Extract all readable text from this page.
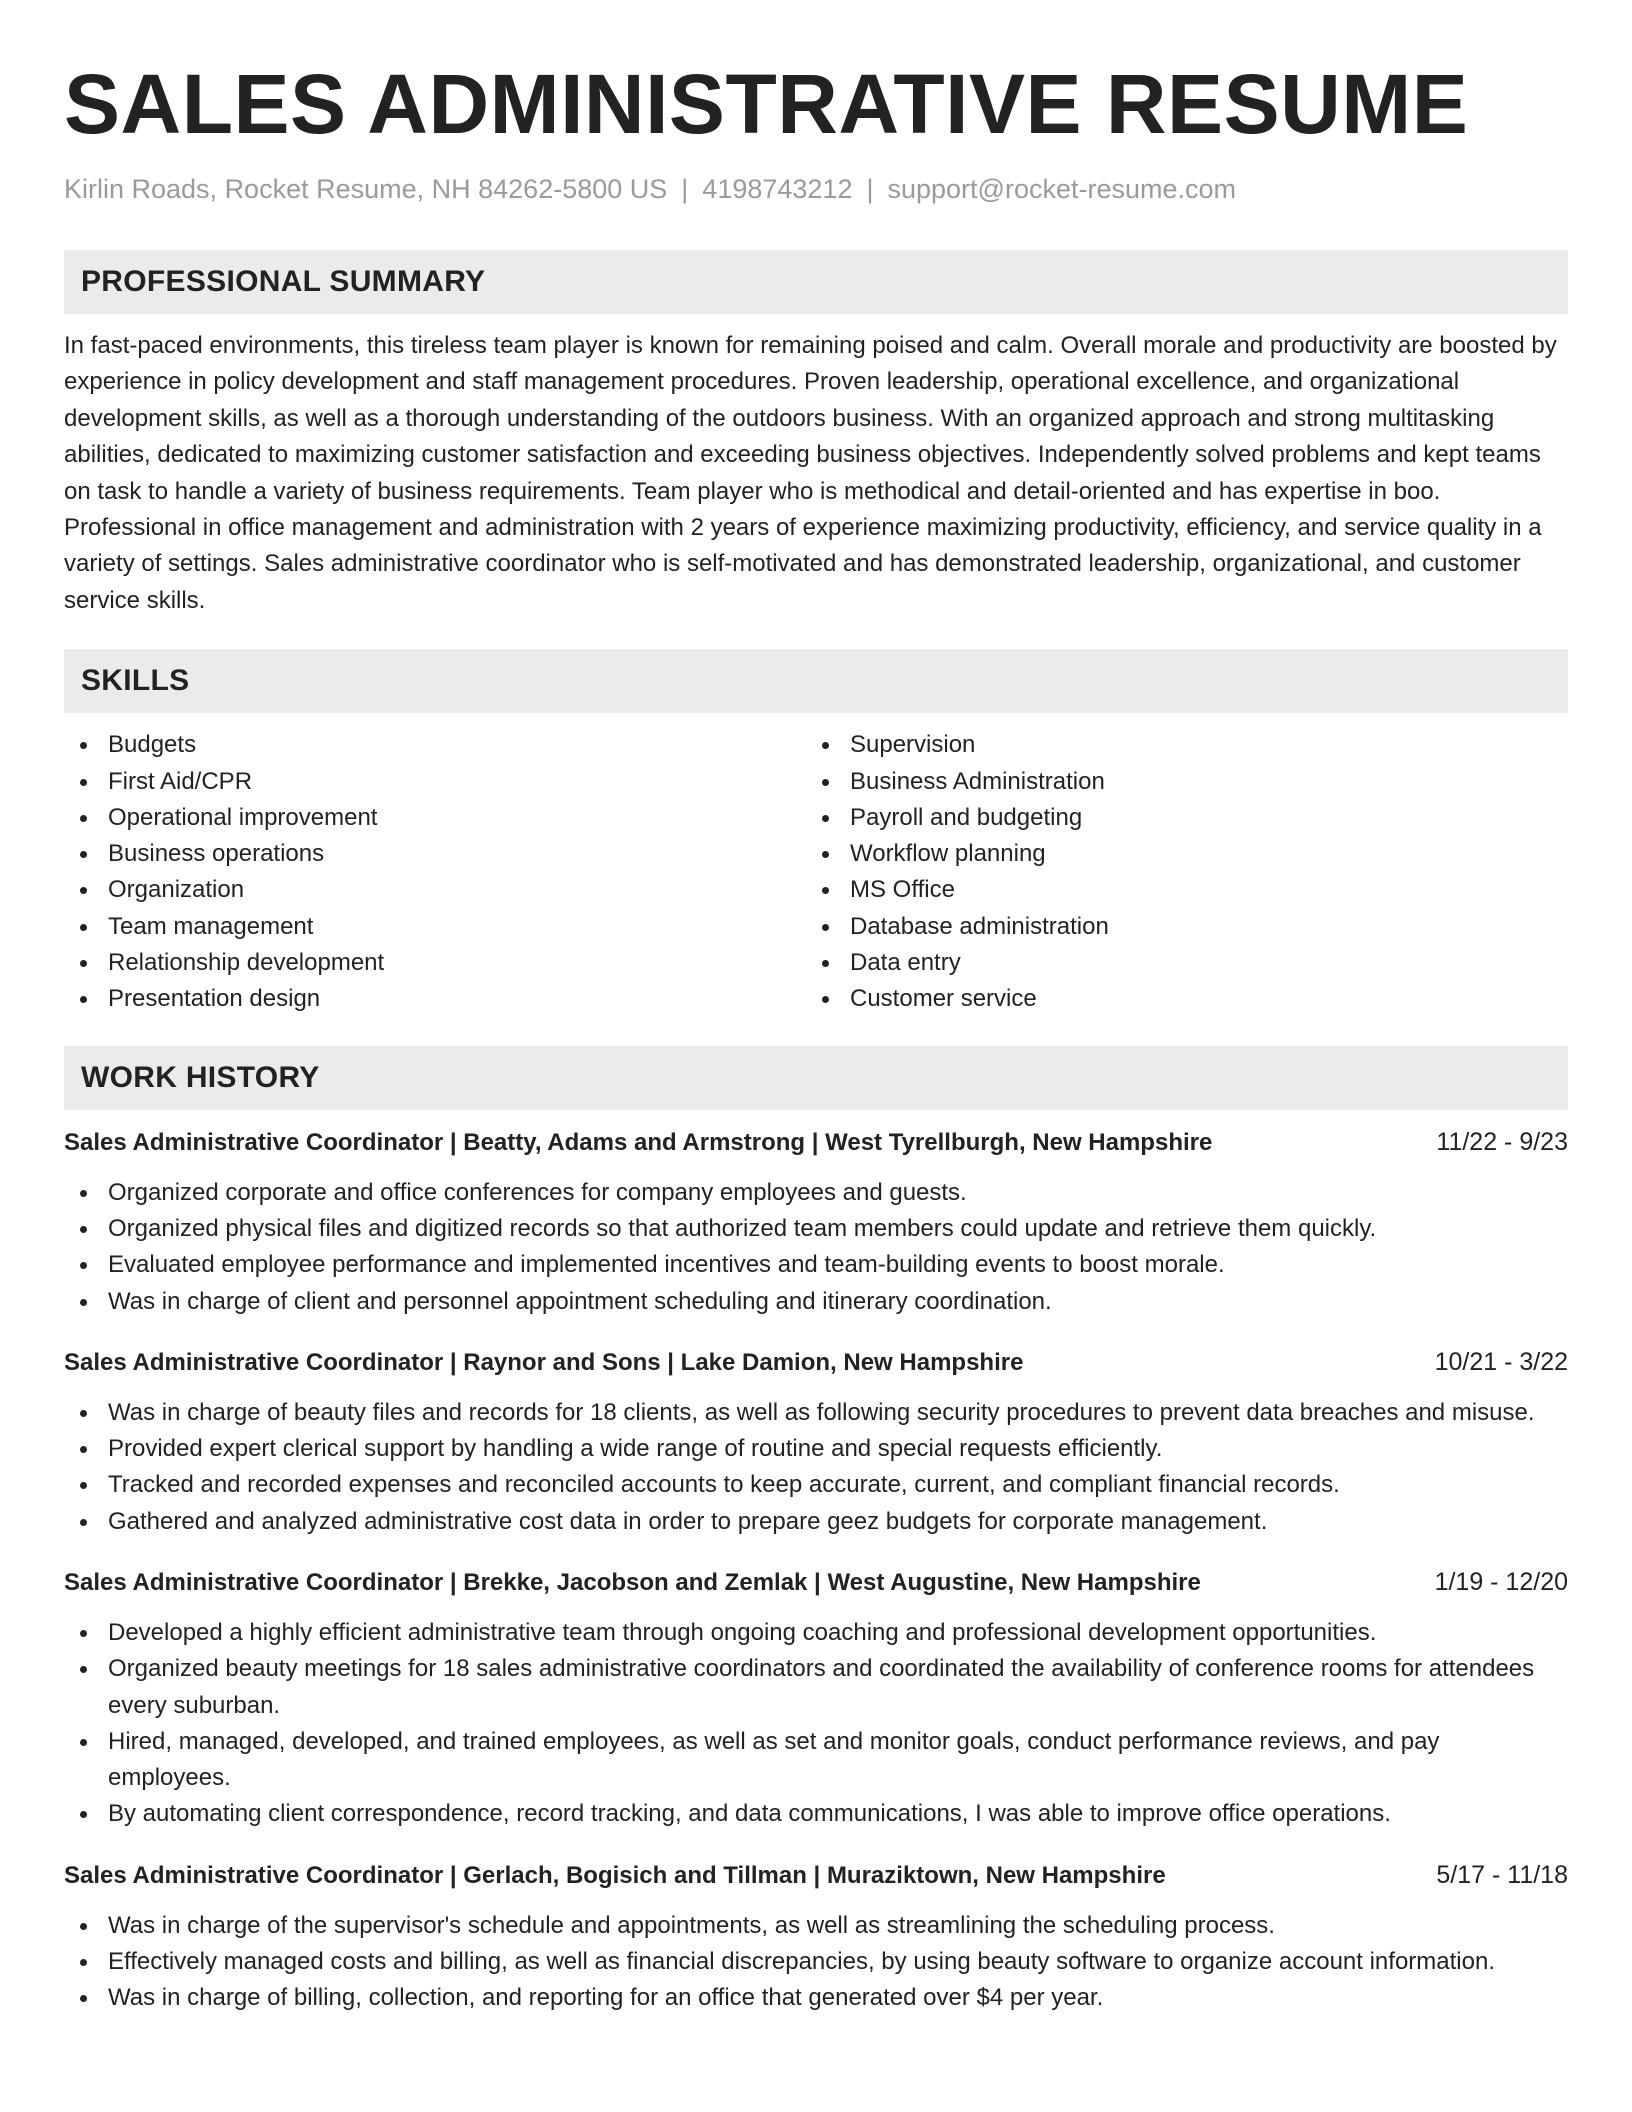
SALES ADMINISTRATIVE RESUME
Kirlin Roads, Rocket Resume, NH 84262-5800 US | 4198743212 | support@rocket-resume.com
PROFESSIONAL SUMMARY
In fast-paced environments, this tireless team player is known for remaining poised and calm. Overall morale and productivity are boosted by experience in policy development and staff management procedures. Proven leadership, operational excellence, and organizational development skills, as well as a thorough understanding of the outdoors business. With an organized approach and strong multitasking abilities, dedicated to maximizing customer satisfaction and exceeding business objectives. Independently solved problems and kept teams on task to handle a variety of business requirements. Team player who is methodical and detail-oriented and has expertise in boo. Professional in office management and administration with 2 years of experience maximizing productivity, efficiency, and service quality in a variety of settings. Sales administrative coordinator who is self-motivated and has demonstrated leadership, organizational, and customer service skills.
SKILLS
Budgets
First Aid/CPR
Operational improvement
Business operations
Organization
Team management
Relationship development
Presentation design
Supervision
Business Administration
Payroll and budgeting
Workflow planning
MS Office
Database administration
Data entry
Customer service
WORK HISTORY
Sales Administrative Coordinator | Beatty, Adams and Armstrong | West Tyrellburgh, New Hampshire	11/22 - 9/23
Organized corporate and office conferences for company employees and guests.
Organized physical files and digitized records so that authorized team members could update and retrieve them quickly.
Evaluated employee performance and implemented incentives and team-building events to boost morale.
Was in charge of client and personnel appointment scheduling and itinerary coordination.
Sales Administrative Coordinator | Raynor and Sons | Lake Damion, New Hampshire	10/21 - 3/22
Was in charge of beauty files and records for 18 clients, as well as following security procedures to prevent data breaches and misuse.
Provided expert clerical support by handling a wide range of routine and special requests efficiently.
Tracked and recorded expenses and reconciled accounts to keep accurate, current, and compliant financial records.
Gathered and analyzed administrative cost data in order to prepare geez budgets for corporate management.
Sales Administrative Coordinator | Brekke, Jacobson and Zemlak | West Augustine, New Hampshire	1/19 - 12/20
Developed a highly efficient administrative team through ongoing coaching and professional development opportunities.
Organized beauty meetings for 18 sales administrative coordinators and coordinated the availability of conference rooms for attendees every suburban.
Hired, managed, developed, and trained employees, as well as set and monitor goals, conduct performance reviews, and pay employees.
By automating client correspondence, record tracking, and data communications, I was able to improve office operations.
Sales Administrative Coordinator | Gerlach, Bogisich and Tillman | Muraziktown, New Hampshire	5/17 - 11/18
Was in charge of the supervisor's schedule and appointments, as well as streamlining the scheduling process.
Effectively managed costs and billing, as well as financial discrepancies, by using beauty software to organize account information.
Was in charge of billing, collection, and reporting for an office that generated over $4 per year.
